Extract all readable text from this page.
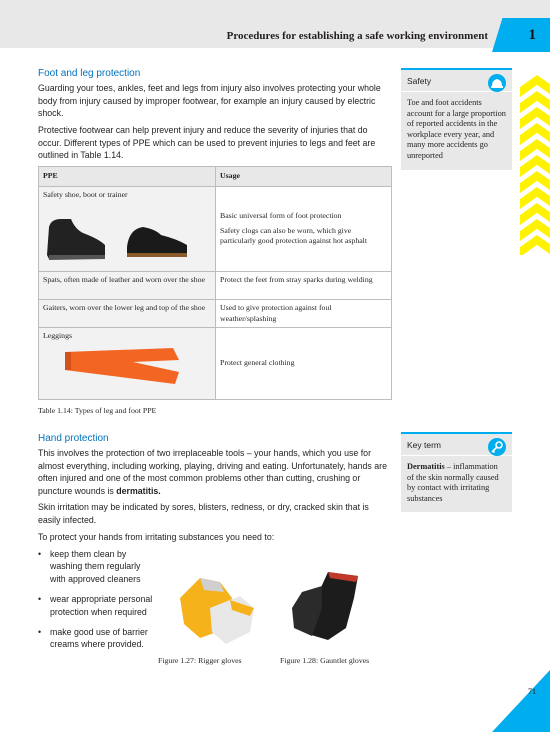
Procedures for establishing a safe working environment	1
Foot and leg protection

Guarding your toes, ankles, feet and legs from injury also involves protecting your whole body from injury caused by improper footwear, for example an injury caused by electric shock.

Protective footwear can help prevent injury and reduce the severity of injuries that do occur. Different types of PPE which can be used to prevent injuries to legs and feet are outlined in Table 1.14.

Safety
Toe and foot accidents account for a large proportion of reported accidents in the workplace every year, and many more accidents go unreported
PPE	Usage

Safety shoe, boot or trainer	Basic universal form of foot protection
Safety clogs can also be worn, which give particularly good protection against hot asphalt

Spats, often made of leather and worn over the shoe	Protect the feet from stray sparks during welding
Gaiters, worn over the lower leg and top of the shoe	Used to give protection against foul weather/splashing

Leggings	Protect general clothing
Table 1.14: Types of leg and foot PPE
Hand protection

This involves the protection of two irreplaceable tools – your hands, which you use for almost everything, including working, playing, driving and eating. Unfortunately, hands are often injured and one of the most common problems other than cutting, crushing or puncture wounds is dermatitis.

Skin irritation may be indicated by sores, blisters, redness, or dry, cracked skin that is easily infected.

To protect your hands from irritating substances you need to:

• keep them clean by washing them regularly with approved cleaners
• wear appropriate personal protection when required
• make good use of barrier creams where provided.
Key term
Dermatitis – inflammation of the skin normally caused by contact with irritating substances
Figure 1.27: Rigger gloves	Figure 1.28: Gauntlet gloves
71
